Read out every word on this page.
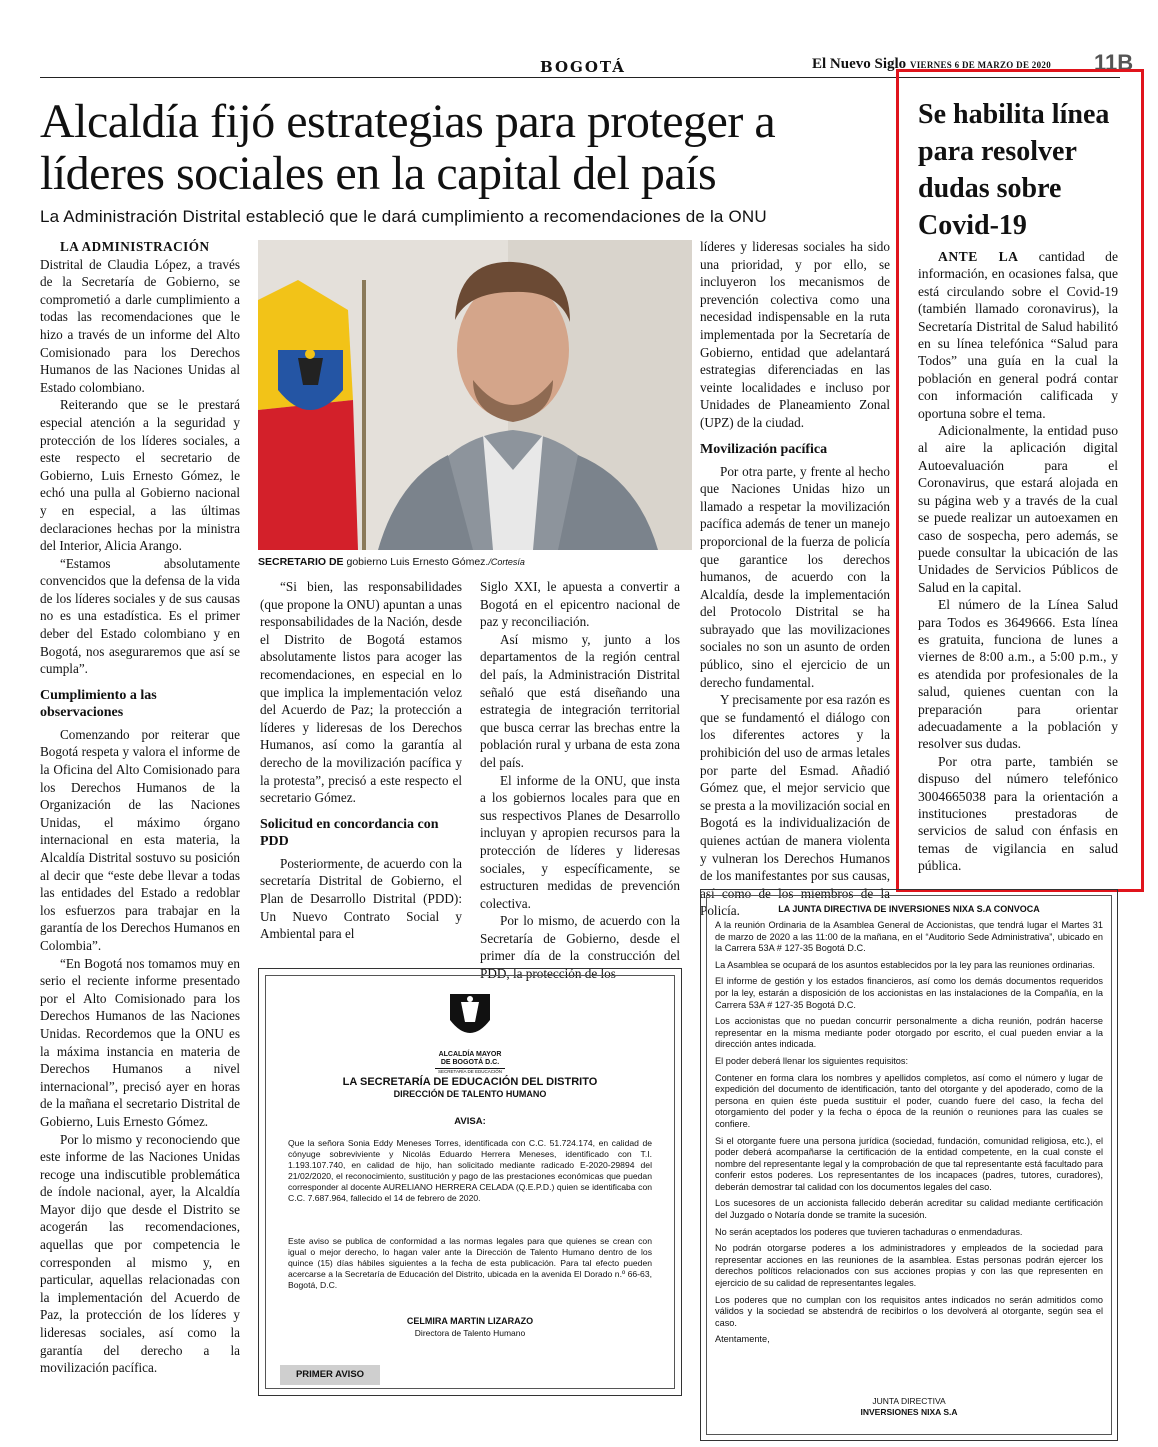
BOGOTÁ	El Nuevo Siglo VIERNES 6 DE MARZO DE 2020 11B
Alcaldía fijó estrategias para proteger a líderes sociales en la capital del país
La Administración Distrital estableció que le dará cumplimiento a recomendaciones de la ONU

LA ADMINISTRACIÓN
Distrital de Claudia López, a través de la Secretaría de Gobierno, se comprometió a darle cumplimiento a todas las recomendaciones que le hizo a través de un informe del Alto Comisionado para los Derechos Humanos de las Naciones Unidas al Estado colombiano.

Reiterando que se le prestará especial atención a la seguridad y protección de los líderes sociales, a este respecto el secretario de Gobierno, Luis Ernesto Gómez, le echó una pulla al Gobierno nacional y en especial, a las últimas declaraciones hechas por la ministra del Interior, Alicia Arango.

“Estamos absolutamente convencidos que la defensa de la vida de los líderes sociales y de sus causas no es una estadística. Es el primer deber del Estado colombiano y en Bogotá, nos aseguraremos que así se cumpla”.

Cumplimiento a las observaciones

Comenzando por reiterar que Bogotá respeta y valora el informe de la Oficina del Alto Comisionado para los Derechos Humanos de la Organización de las Naciones Unidas, el máximo órgano internacional en esta materia, la Alcaldía Distrital sostuvo su posición al decir que “este debe llevar a todas las entidades del Estado a redoblar los esfuerzos para trabajar en la garantía de los Derechos Humanos en Colombia”.

“En Bogotá nos tomamos muy en serio el reciente informe presentado por el Alto Comisionado para los Derechos Humanos de las Naciones Unidas. Recordemos que la ONU es la máxima instancia en materia de Derechos Humanos a nivel internacional”, precisó ayer en horas de la mañana el secretario Distrital de Gobierno, Luis Ernesto Gómez.

Por lo mismo y reconociendo que este informe de las Naciones Unidas recoge una indiscutible problemática de índole nacional, ayer, la Alcaldía Mayor dijo que desde el Distrito se acogerán las recomendaciones, aquellas que por competencia le corresponden al mismo y, en particular, aquellas relacionadas con la implementación del Acuerdo de Paz, la protección de los líderes y lideresas sociales, así como la garantía del derecho a la movilización pacífica.

SECRETARIO DE gobierno Luis Ernesto Gómez./Cortesía

“Si bien, las responsabilidades (que propone la ONU) apuntan a unas responsabilidades de la Nación, desde el Distrito de Bogotá estamos absolutamente listos para acoger las recomendaciones, en especial en lo que implica la implementación veloz del Acuerdo de Paz; la protección a líderes y lideresas de los Derechos Humanos, así como la garantía al derecho de la movilización pacífica y la protesta”, precisó a este respecto el secretario Gómez.

Solicitud en concordancia con PDD

Posteriormente, de acuerdo con la secretaría Distrital de Gobierno, el Plan de Desarrollo Distrital (PDD): Un Nuevo Contrato Social y Ambiental para el

Siglo XXI, le apuesta a convertir a Bogotá en el epicentro nacional de paz y reconciliación.

Así mismo y, junto a los departamentos de la región central del país, la Administración Distrital señaló que está diseñando una estrategia de integración territorial que busca cerrar las brechas entre la población rural y urbana de esta zona del país.

El informe de la ONU, que insta a los gobiernos locales para que en sus respectivos Planes de Desarrollo incluyan y apropien recursos para la protección de líderes y lideresas sociales, y específicamente, se estructuren medidas de prevención colectiva.

Por lo mismo, de acuerdo con la Secretaría de Gobierno, desde el primer día de la construcción del PDD, la protección de los

líderes y lideresas sociales ha sido una prioridad, y por ello, se incluyeron los mecanismos de prevención colectiva como una necesidad indispensable en la ruta implementada por la Secretaría de Gobierno, entidad que adelantará estrategias diferenciadas en las veinte localidades e incluso por Unidades de Planeamiento Zonal (UPZ) de la ciudad.

Movilización pacífica

Por otra parte, y frente al hecho que Naciones Unidas hizo un llamado a respetar la movilización pacífica además de tener un manejo proporcional de la fuerza de policía que garantice los derechos humanos, de acuerdo con la Alcaldía, desde la implementación del Protocolo Distrital se ha subrayado que las movilizaciones sociales no son un asunto de orden público, sino el ejercicio de un derecho fundamental.

Y precisamente por esa razón es que se fundamentó el diálogo con los diferentes actores y la prohibición del uso de armas letales por parte del Esmad. Añadió Gómez que, el mejor servicio que se presta a la movilización social en Bogotá es la individualización de quienes actúan de manera violenta y vulneran los Derechos Humanos de los manifestantes por sus causas, así como de los miembros de la Policía.

Se habilita línea para resolver dudas sobre Covid-19

ANTE LA cantidad de información, en ocasiones falsa, que está circulando sobre el Covid-19 (también llamado coronavirus), la Secretaría Distrital de Salud habilitó en su línea telefónica “Salud para Todos” una guía en la cual la población en general podrá contar con información calificada y oportuna sobre el tema.

Adicionalmente, la entidad puso al aire la aplicación digital Autoevaluación para el Coronavirus, que estará alojada en su página web y a través de la cual se puede realizar un autoexamen en caso de sospecha, pero además, se puede consultar la ubicación de las Unidades de Servicios Públicos de Salud en la capital.

El número de la Línea Salud para Todos es 3649666. Esta línea es gratuita, funciona de lunes a viernes de 8:00 a.m., a 5:00 p.m., y es atendida por profesionales de la salud, quienes cuentan con la preparación para orientar adecuadamente a la población y resolver sus dudas.

Por otra parte, también se dispuso del número telefónico 3004665038 para la orientación a instituciones prestadoras de servicios de salud con énfasis en temas de vigilancia en salud pública.

ALCALDÍA MAYOR
DE BOGOTÁ D.C.
SECRETARÍA DE EDUCACIÓN
LA SECRETARÍA DE EDUCACIÓN DEL DISTRITO
DIRECCIÓN DE TALENTO HUMANO
AVISA:
Que la señora Sonia Eddy Meneses Torres, identificada con C.C. 51.724.174, en calidad de cónyuge sobreviviente y Nicolás Eduardo Herrera Meneses, identificado con T.I. 1.193.107.740, en calidad de hijo, han solicitado mediante radicado E-2020-29894 del 21/02/2020, el reconocimiento, sustitución y pago de las prestaciones económicas que puedan corresponder al docente AURELIANO HERRERA CELADA (Q.E.P.D.) quien se identificaba con C.C. 7.687.964, fallecido el 14 de febrero de 2020.
Este aviso se publica de conformidad a las normas legales para que quienes se crean con igual o mejor derecho, lo hagan valer ante la Dirección de Talento Humano dentro de los quince (15) días hábiles siguientes a la fecha de esta publicación. Para tal efecto pueden acercarse a la Secretaría de Educación del Distrito, ubicada en la avenida El Dorado n.º 66-63, Bogotá, D.C.
CELMIRA MARTIN LIZARAZO
Directora de Talento Humano
PRIMER AVISO
LA JUNTA DIRECTIVA DE INVERSIONES NIXA S.A CONVOCA

A la reunión Ordinaria de la Asamblea General de Accionistas, que tendrá lugar el Martes 31 de marzo de 2020 a las 11:00 de la mañana, en el “Auditorio Sede Administrativa”, ubicado en la Carrera 53A # 127-35 Bogotá D.C.

La Asamblea se ocupará de los asuntos establecidos por la ley para las reuniones ordinarias.

El informe de gestión y los estados financieros, así como los demás documentos requeridos por la ley, estarán a disposición de los accionistas en las instalaciones de la Compañía, en la Carrera 53A # 127-35 Bogotá D.C.

Los accionistas que no puedan concurrir personalmente a dicha reunión, podrán hacerse representar en la misma mediante poder otorgado por escrito, el cual pueden enviar a la dirección antes indicada.

El poder deberá llenar los siguientes requisitos:

Contener en forma clara los nombres y apellidos completos, así como el número y lugar de expedición del documento de identificación, tanto del otorgante y del apoderado, como de la persona en quien éste pueda sustituir el poder, cuando fuere del caso, la fecha del otorgamiento del poder y la fecha o época de la reunión o reuniones para las cuales se confiere.

Si el otorgante fuere una persona jurídica (sociedad, fundación, comunidad religiosa, etc.), el poder deberá acompañarse la certificación de la entidad competente, en la cual conste el nombre del representante legal y la comprobación de que tal representante está facultado para conferir estos poderes. Los representantes de los incapaces (padres, tutores, curadores), deberán demostrar tal calidad con los documentos legales del caso.

Los sucesores de un accionista fallecido deberán acreditar su calidad mediante certificación del Juzgado o Notaría donde se tramite la sucesión.

No serán aceptados los poderes que tuvieren tachaduras o enmendaduras.

No podrán otorgarse poderes a los administradores y empleados de la sociedad para representar acciones en las reuniones de la asamblea. Estas personas podrán ejercer los derechos políticos relacionados con sus acciones propias y con las que representen en ejercicio de su calidad de representantes legales.

Los poderes que no cumplan con los requisitos antes indicados no serán admitidos como válidos y la sociedad se abstendrá de recibirlos o los devolverá al otorgante, según sea el caso.

Atentamente,

JUNTA DIRECTIVA
INVERSIONES NIXA S.A
